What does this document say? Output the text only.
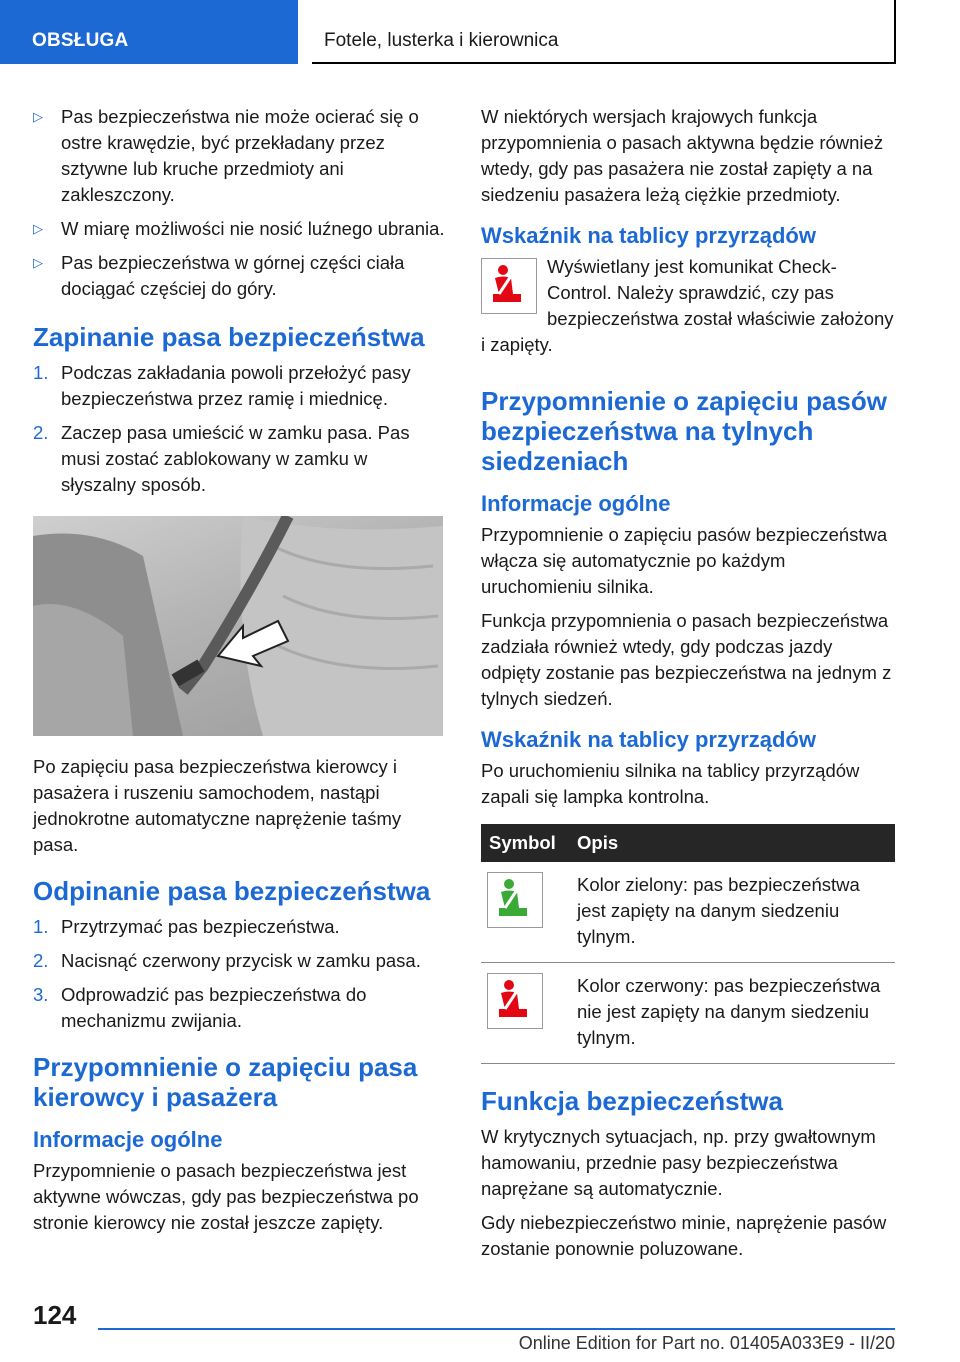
OBSŁUGA	Fotele, lusterka i kierownica
▷ Pas bezpieczeństwa nie może ocierać się o ostre krawędzie, być przekładany przez sztywne lub kruche przedmioty ani zakleszczony.
▷ W miarę możliwości nie nosić luźnego ubrania.
▷ Pas bezpieczeństwa w górnej części ciała dociągać częściej do góry.
Zapinanie pasa bezpieczeństwa
1. Podczas zakładania powoli przełożyć pasy bezpieczeństwa przez ramię i miednicę.
2. Zaczep pasa umieścić w zamku pasa. Pas musi zostać zablokowany w zamku w słyszalny sposób.

Po zapięciu pasa bezpieczeństwa kierowcy i pasażera i ruszeniu samochodem, nastąpi jednokrotne automatyczne naprężenie taśmy pasa.

Odpinanie pasa bezpieczeństwa
1. Przytrzymać pas bezpieczeństwa.
2. Nacisnąć czerwony przycisk w zamku pasa.
3. Odprowadzić pas bezpieczeństwa do mechanizmu zwijania.
Przypomnienie o zapięciu pasa kierowcy i pasażera
Informacje ogólne

Przypomnienie o pasach bezpieczeństwa jest aktywne wówczas, gdy pas bezpieczeństwa po stronie kierowcy nie został jeszcze zapięty.

W niektórych wersjach krajowych funkcja przypomnienia o pasach aktywna będzie również wtedy, gdy pas pasażera nie został zapięty a na siedzeniu pasażera leżą ciężkie przedmioty.

Wskaźnik na tablicy przyrządów

Wyświetlany jest komunikat Check-Control. Należy sprawdzić, czy pas bezpieczeństwa został właściwie założony i zapięty.

Przypomnienie o zapięciu pasów bezpieczeństwa na tylnych siedzeniach
Informacje ogólne

Przypomnienie o zapięciu pasów bezpieczeństwa włącza się automatycznie po każdym uruchomieniu silnika.

Funkcja przypomnienia o pasach bezpieczeństwa zadziała również wtedy, gdy podczas jazdy odpięty zostanie pas bezpieczeństwa na jednym z tylnych siedzeń.

Wskaźnik na tablicy przyrządów

Po uruchomieniu silnika na tablicy przyrządów zapali się lampka kontrolna.

Symbol	Opis

	Kolor zielony: pas bezpieczeństwa jest zapięty na danym siedzeniu tylnym.

	Kolor czerwony: pas bezpieczeństwa nie jest zapięty na danym siedzeniu tylnym.
Funkcja bezpieczeństwa

W krytycznych sytuacjach, np. przy gwałtownym hamowaniu, przednie pasy bezpieczeństwa naprężane są automatycznie.

Gdy niebezpieczeństwo minie, naprężenie pasów zostanie ponownie poluzowane.

124
Online Edition for Part no. 01405A033E9 - II/20
